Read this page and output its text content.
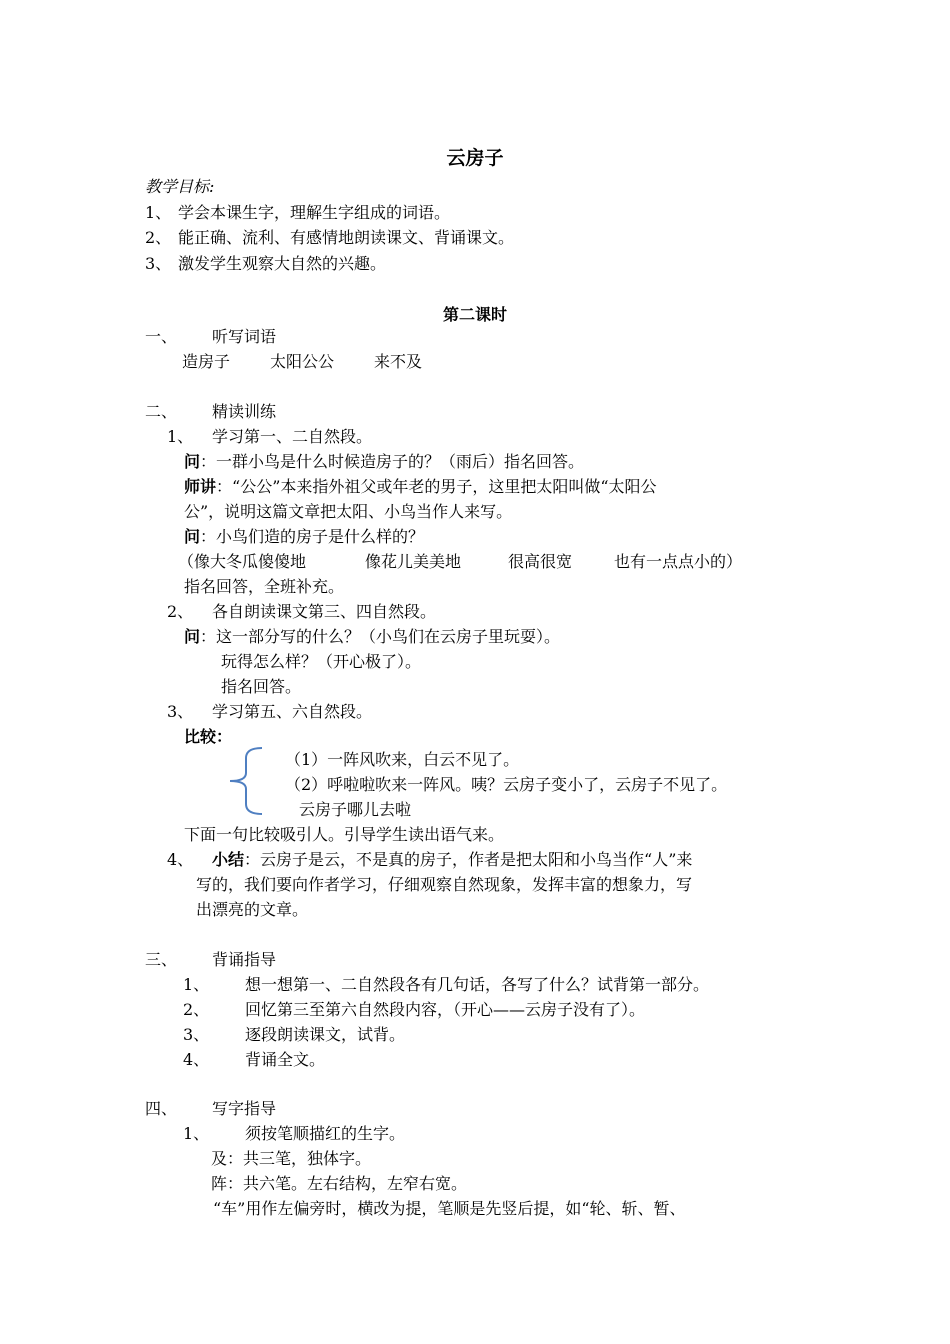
云房子
教学目标:
1、 学会本课生字，理解生字组成的词语。
2、 能正确、流利、有感情地朗读课文、背诵课文。
3、 激发学生观察大自然的兴趣。
第二课时
一、 听写词语
造房子 太阳公公 来不及
二、 精读训练
1、 学习第一、二自然段。
问：一群小鸟是什么时候造房子的？（雨后）指名回答。
师讲：“公公”本来指外祖父或年老的男子，这里把太阳叫做“太阳公
公”，说明这篇文章把太阳、小鸟当作人来写。
问：小鸟们造的房子是什么样的？
（像大冬瓜傻傻地	像花儿美美地	很高很宽	也有一点点小的）
指名回答，全班补充。
2、 各自朗读课文第三、四自然段。
问：这一部分写的什么？（小鸟们在云房子里玩耍）。
玩得怎么样？（开心极了）。
指名回答。
3、 学习第五、六自然段。
比较：
（1）一阵风吹来，白云不见了。
（2）呼啦啦吹来一阵风。咦？云房子变小了，云房子不见了。
云房子哪儿去啦
下面一句比较吸引人。引导学生读出语气来。
4、 小结：云房子是云，不是真的房子，作者是把太阳和小鸟当作“人”来
写的，我们要向作者学习，仔细观察自然现象，发挥丰富的想象力，写
出漂亮的文章。
三、 背诵指导
1、 想一想第一、二自然段各有几句话，各写了什么？试背第一部分。
2、 回忆第三至第六自然段内容，（开心——云房子没有了）。
3、 逐段朗读课文，试背。
4、 背诵全文。
四、 写字指导
1、 须按笔顺描红的生字。
及：共三笔，独体字。
阵：共六笔。左右结构，左窄右宽。
“车”用作左偏旁时，横改为提，笔顺是先竖后提，如“轮、斩、暂、
